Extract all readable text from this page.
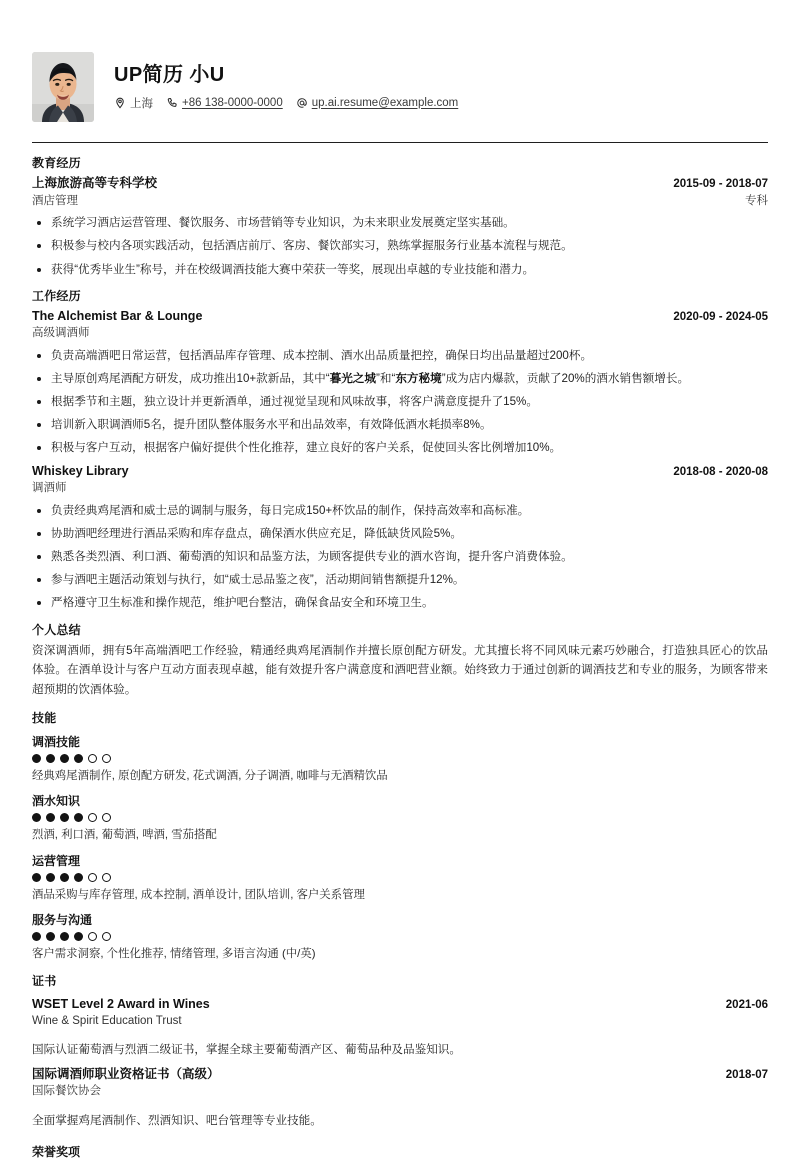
UP简历 小U
上海	+86 138-0000-0000	up.ai.resume@example.com
教育经历
上海旅游高等专科学校	2015-09 - 2018-07
酒店管理	专科
系统学习酒店运营管理、餐饮服务、市场营销等专业知识，为未来职业发展奠定坚实基础。
积极参与校内各项实践活动，包括酒店前厅、客房、餐饮部实习，熟练掌握服务行业基本流程与规范。
获得“优秀毕业生”称号，并在校级调酒技能大赛中荣获一等奖，展现出卓越的专业技能和潜力。
工作经历
The Alchemist Bar & Lounge	2020-09 - 2024-05
高级调酒师
负责高端酒吧日常运营，包括酒品库存管理、成本控制、酒水出品质量把控，确保日均出品量超过200杯。
主导原创鸡尾酒配方研发，成功推出10+款新品，其中“暮光之城”和“东方秘境”成为店内爆款，贡献了20%的酒水销售额增长。
根据季节和主题，独立设计并更新酒单，通过视觉呈现和风味故事，将客户满意度提升了15%。
培训新入职调酒师5名，提升团队整体服务水平和出品效率，有效降低酒水耗损率8%。
积极与客户互动，根据客户偏好提供个性化推荐，建立良好的客户关系，促使回头客比例增加10%。
Whiskey Library	2018-08 - 2020-08
调酒师
负责经典鸡尾酒和威士忌的调制与服务，每日完成150+杯饮品的制作，保持高效率和高标准。
协助酒吧经理进行酒品采购和库存盘点，确保酒水供应充足，降低缺货风险5%。
熟悉各类烈酒、利口酒、葡萄酒的知识和品鉴方法，为顾客提供专业的酒水咨询，提升客户消费体验。
参与酒吧主题活动策划与执行，如“威士忌品鉴之夜”，活动期间销售额提升12%。
严格遵守卫生标准和操作规范，维护吧台整洁，确保食品安全和环境卫生。
个人总结
资深调酒师，拥有5年高端酒吧工作经验，精通经典鸡尾酒制作并擅长原创配方研发。尤其擅长将不同风味元素巧妙融合，打造独具匠心的饮品体验。在酒单设计与客户互动方面表现卓越，能有效提升客户满意度和酒吧营业额。始终致力于通过创新的调酒技艺和专业的服务，为顾客带来超预期的饮酒体验。
技能
调酒技能
经典鸡尾酒制作, 原创配方研发, 花式调酒, 分子调酒, 咖啡与无酒精饮品
酒水知识
烈酒, 利口酒, 葡萄酒, 啤酒, 雪茄搭配
运营管理
酒品采购与库存管理, 成本控制, 酒单设计, 团队培训, 客户关系管理
服务与沟通
客户需求洞察, 个性化推荐, 情绪管理, 多语言沟通 (中/英)
证书
WSET Level 2 Award in Wines	2021-06
Wine & Spirit Education Trust
国际认证葡萄酒与烈酒二级证书，掌握全球主要葡萄酒产区、葡萄品种及品鉴知识。
国际调酒师职业资格证书（高级）	2018-07
国际餐饮协会
全面掌握鸡尾酒制作、烈酒知识、吧台管理等专业技能。
荣誉奖项
